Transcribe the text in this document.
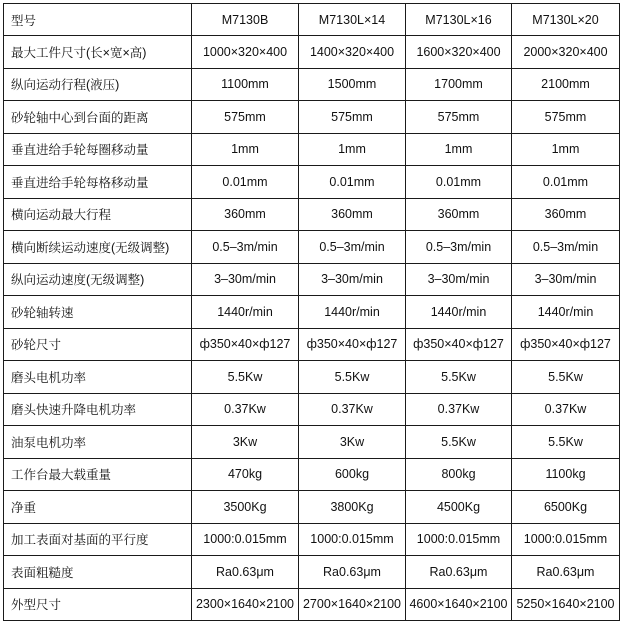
型号	M7130B	M7130L×14	M7130L×16	M7130L×20
最大工件尺寸(长×宽×高)	1000×320×400	1400×320×400	1600×320×400	2000×320×400
纵向运动行程(液压)	1100mm	1500mm	1700mm	2100mm
砂轮轴中心到台面的距离	575mm	575mm	575mm	575mm
垂直进给手轮每圈移动量	1mm	1mm	1mm	1mm
垂直进给手轮每格移动量	0.01mm	0.01mm	0.01mm	0.01mm
横向运动最大行程	360mm	360mm	360mm	360mm
横向断续运动速度(无级调整)	0.5–3m/min	0.5–3m/min	0.5–3m/min	0.5–3m/min
纵向运动速度(无级调整)	3–30m/min	3–30m/min	3–30m/min	3–30m/min
砂轮轴转速	1440r/min	1440r/min	1440r/min	1440r/min
砂轮尺寸	ф350×40×ф127	ф350×40×ф127	ф350×40×ф127	ф350×40×ф127
磨头电机功率	5.5Kw	5.5Kw	5.5Kw	5.5Kw
磨头快速升降电机功率	0.37Kw	0.37Kw	0.37Kw	0.37Kw
油泵电机功率	3Kw	3Kw	5.5Kw	5.5Kw
工作台最大载重量	470kg	600kg	800kg	1100kg
净重	3500Kg	3800Kg	4500Kg	6500Kg
加工表面对基面的平行度	1000:0.015mm	1000:0.015mm	1000:0.015mm	1000:0.015mm
表面粗糙度	Ra0.63μm	Ra0.63μm	Ra0.63μm	Ra0.63μm
外型尺寸	2300×1640×2100	2700×1640×2100	4600×1640×2100	5250×1640×2100
